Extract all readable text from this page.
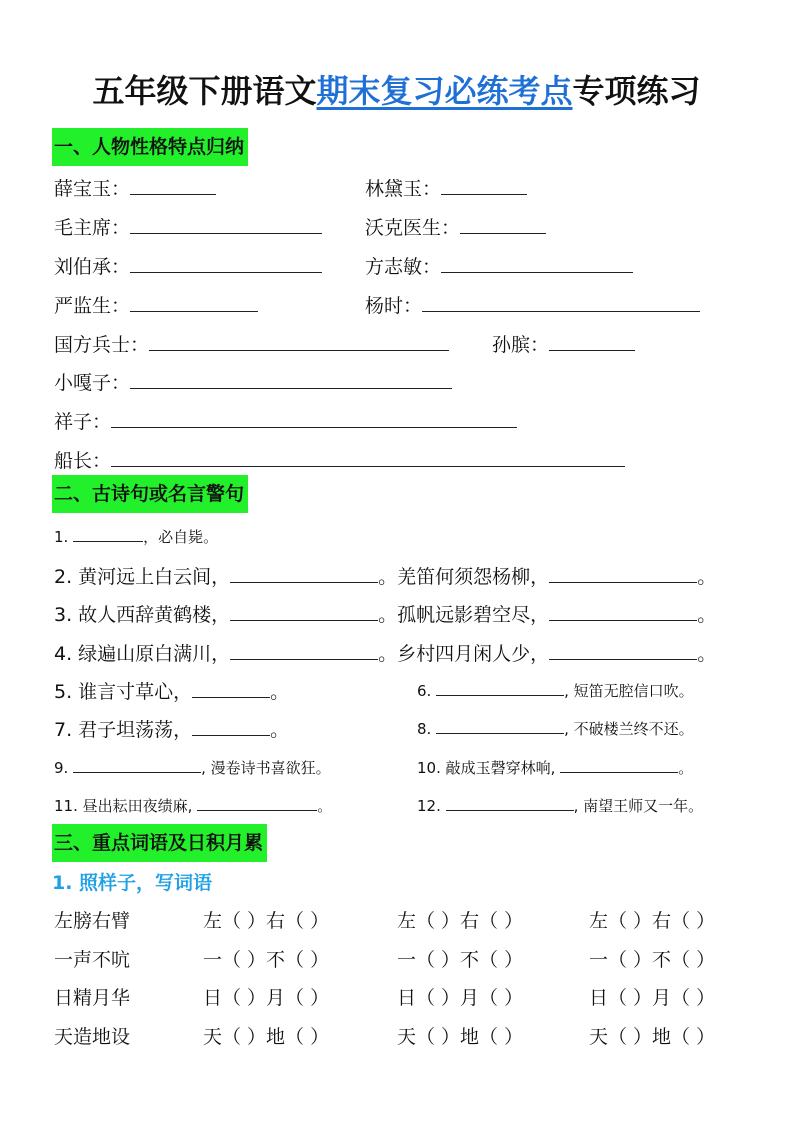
五年级下册语文期末复习必练考点专项练习
一、人物性格特点归纳
薛宝玉：	林黛玉：
毛主席：	沃克医生：
刘伯承：	方志敏：
严监生：	杨时：
国方兵士：	孙膑：
小嘎子：
祥子：
船长：
二、古诗句或名言警句
1.	，必自毙。
2. 黄河远上白云间，	。羌笛何须怨杨柳，	。
3. 故人西辞黄鹤楼，	。孤帆远影碧空尽，	。
4. 绿遍山原白满川，	。乡村四月闲人少，	。
5. 谁言寸草心，	。	6.	, 短笛无腔信口吹。
7. 君子坦荡荡，	。	8.	, 不破楼兰终不还。
9.	, 漫卷诗书喜欲狂。	10. 敲成玉磬穿林响,	。
11. 昼出耘田夜绩麻,	。	12.	, 南望王师又一年。
三、重点词语及日积月累
1. 照样子，写词语
左膀右臂	左（ ）右（ ）	左（ ）右（ ）	左（ ）右（ ）
一声不吭	一（ ）不（ ）	一（ ）不（ ）	一（ ）不（ ）
日精月华	日（ ）月（ ）	日（ ）月（ ）	日（ ）月（ ）
天造地设	天（ ）地（ ）	天（ ）地（ ）	天（ ）地（ ）
